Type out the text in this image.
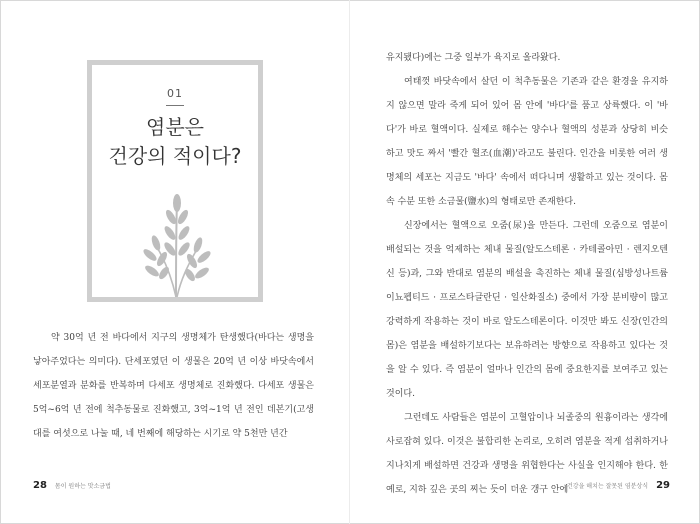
01
염분은
건강의 적이다?

약 30억 년 전 바다에서 지구의 생명체가 탄생했다(바다는 생명을 낳아주었다는 의미다). 단세포였던 이 생물은 20억 년 이상 바닷속에서 세포분열과 분화를 반복하며 다세포 생명체로 진화했다. 다세포 생물은 5억~6억 년 전에 척추동물로 진화했고, 3억~1억 년 전인 데본기(고생대를 여섯으로 나눌 때, 네 번째에 해당하는 시기로 약 5천만 년간

유지됐다)에는 그중 일부가 육지로 올라왔다.

여태껏 바닷속에서 살던 이 척추동물은 기존과 같은 환경을 유지하지 않으면 말라 죽게 되어 있어 몸 안에 '바다'를 품고 상륙했다. 이 '바다'가 바로 혈액이다. 실제로 해수는 양수나 혈액의 성분과 상당히 비슷하고 맛도 짜서 '빨간 혈조(血潮)'라고도 불린다. 인간을 비롯한 여러 생명체의 세포는 지금도 '바다' 속에서 떠다니며 생활하고 있는 것이다. 몸속 수분 또한 소금물(鹽水)의 형태로만 존재한다.

신장에서는 혈액으로 오줌(尿)을 만든다. 그런데 오줌으로 염분이 배설되는 것을 억제하는 체내 물질(알도스테론 · 카테콜아민 · 렌지오텐신 등)과, 그와 반대로 염분의 배설을 촉진하는 체내 물질(심방성나트륨이뇨펩티드 · 프로스타글란딘 · 일산화질소) 중에서 가장 분비량이 많고 강력하게 작용하는 것이 바로 알도스테론이다. 이것만 봐도 신장(인간의 몸)은 염분을 배설하기보다는 보유하려는 방향으로 작용하고 있다는 것을 알 수 있다. 즉 염분이 얼마나 인간의 몸에 중요한지를 보여주고 있는 것이다.

그런데도 사람들은 염분이 고혈압이나 뇌졸중의 원흉이라는 생각에 사로잡혀 있다. 이것은 불합리한 논리로, 오히려 염분을 적게 섭취하거나 지나치게 배설하면 건강과 생명을 위협한다는 사실을 인지해야 한다. 한 예로, 지하 깊은 곳의 찌는 듯이 더운 갱구 안에

28 몸이 원하는 맛소금법	건강을 해치는 잘못된 염분상식 29
